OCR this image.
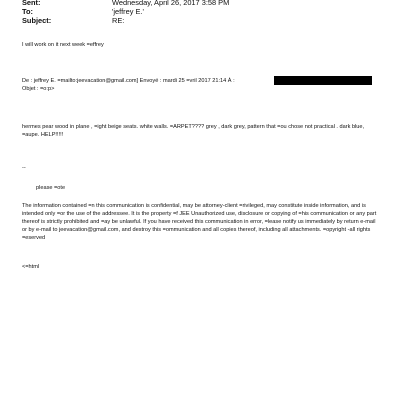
Sent:	Wednesday, April 26, 2017 3:58 PM
To:	'jeffrey E.'
Subject:	RE:
I will work on it next week =effrey
De : jeffrey E. =mailto:jeevacation@gmail.com] Envoyé : mardi 25 =vril 2017 21:14 À :
Objet : =o:p>
hermes pear wood in plane , =ight beige seats. white walls. =ARPET???? grey , dark grey, pattern that =ou chose not practical . dark blue, =aupe. HELP!!!!!
--
please =ote
The information contained =n this communication is confidential, may be attorney-client =rivileged, may constitute inside information, and is intended only =or the use of the addressee. It is the property =f JEE Unauthorized use, disclosure or copying of =his communication or any part thereof is strictly prohibited and =ay be unlawful. If you have received this communication in error, =lease notify us immediately by return e-mail or by e-mail to jeevacation@gmail.com, and destroy this =ommunication and all copies thereof, including all attachments. =opyright -all rights =eserved
<=html
